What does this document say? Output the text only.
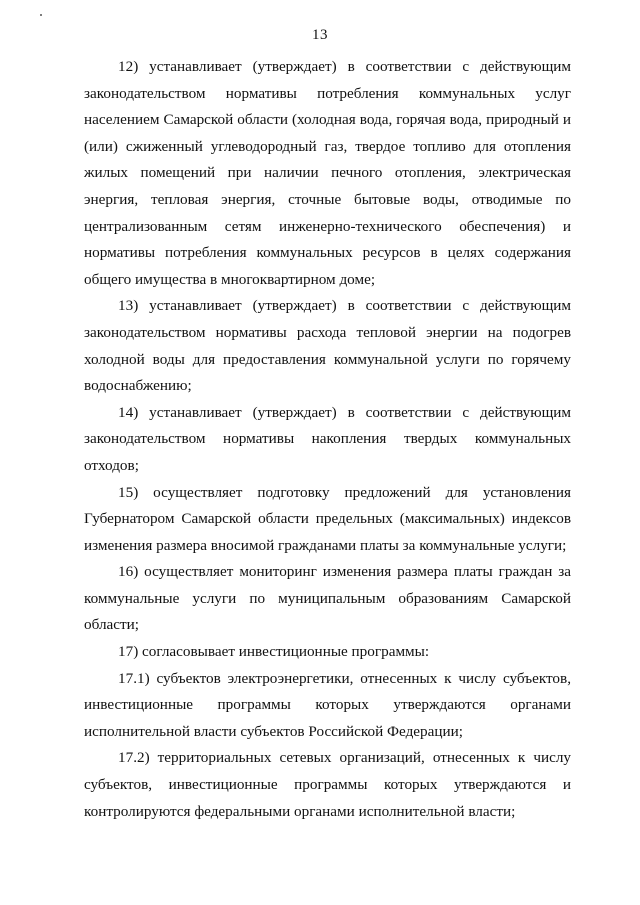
13

12) устанавливает (утверждает) в соответствии с действующим
законодательством нормативы потребления коммунальных услуг
населением Самарской области (холодная вода, горячая вода, природный и
(или) сжиженный углеводородный газ, твердое топливо для отопления
жилых помещений при наличии печного отопления, электрическая
энергия, тепловая энергия, сточные бытовые воды, отводимые по
централизованным сетям инженерно-технического обеспечения) и
нормативы потребления коммунальных ресурсов в целях содержания
общего имущества в многоквартирном доме;

13) устанавливает (утверждает) в соответствии с действующим
законодательством нормативы расхода тепловой энергии на подогрев
холодной воды для предоставления коммунальной услуги по горячему
водоснабжению;

14) устанавливает (утверждает) в соответствии с действующим
законодательством нормативы накопления твердых коммунальных
отходов;

15) осуществляет подготовку предложений для установления
Губернатором Самарской области предельных (максимальных) индексов
изменения размера вносимой гражданами платы за коммунальные услуги;

16) осуществляет мониторинг изменения размера платы граждан за
коммунальные услуги по муниципальным образованиям Самарской
области;

17) согласовывает инвестиционные программы:

17.1) субъектов электроэнергетики, отнесенных к числу субъектов,
инвестиционные программы которых утверждаются органами
исполнительной власти субъектов Российской Федерации;

17.2) территориальных сетевых организаций, отнесенных к числу
субъектов, инвестиционные программы которых утверждаются и
контролируются федеральными органами исполнительной власти;
